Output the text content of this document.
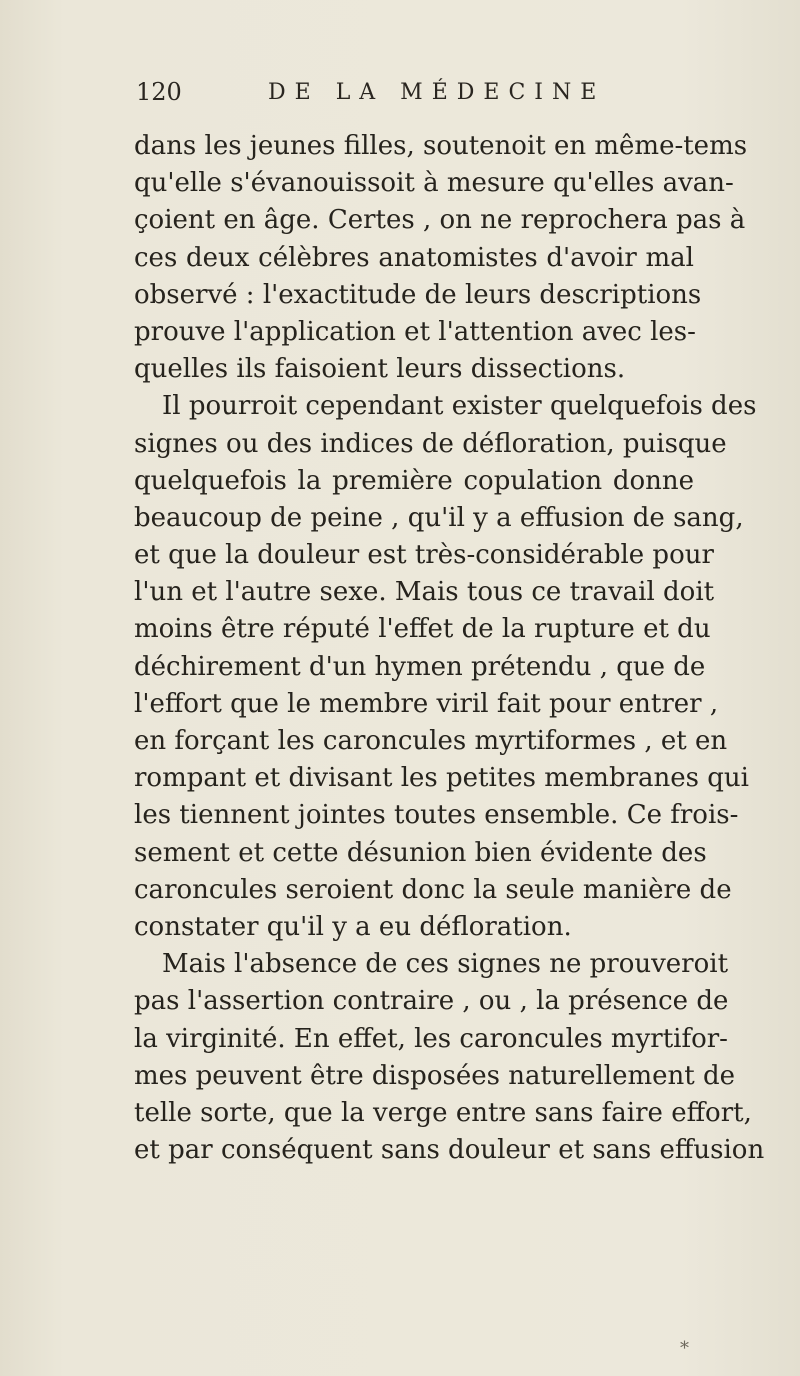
120	DE LA MÉDECINE
dans les jeunes filles, soutenoit en même-tems
qu'elle s'évanouissoit à mesure qu'elles avan-
çoient en âge. Certes , on ne reprochera pas à
ces deux célèbres anatomistes d'avoir mal
observé : l'exactitude de leurs descriptions
prouve l'application et l'attention avec les-
quelles ils faisoient leurs dissections.
Il pourroit cependant exister quelquefois des
signes ou des indices de défloration, puisque
quelquefois la première copulation donne
beaucoup de peine , qu'il y a effusion de sang,
et que la douleur est très-considérable pour
l'un et l'autre sexe. Mais tous ce travail doit
moins être réputé l'effet de la rupture et du
déchirement d'un hymen prétendu , que de
l'effort que le membre viril fait pour entrer ,
en forçant les caroncules myrtiformes , et en
rompant et divisant les petites membranes qui
les tiennent jointes toutes ensemble. Ce frois-
sement et cette désunion bien évidente des
caroncules seroient donc la seule manière de
constater qu'il y a eu défloration.
Mais l'absence de ces signes ne prouveroit
pas l'assertion contraire , ou , la présence de
la virginité. En effet, les caroncules myrtifor-
mes peuvent être disposées naturellement de
telle sorte, que la verge entre sans faire effort,
et par conséquent sans douleur et sans effusion
*
